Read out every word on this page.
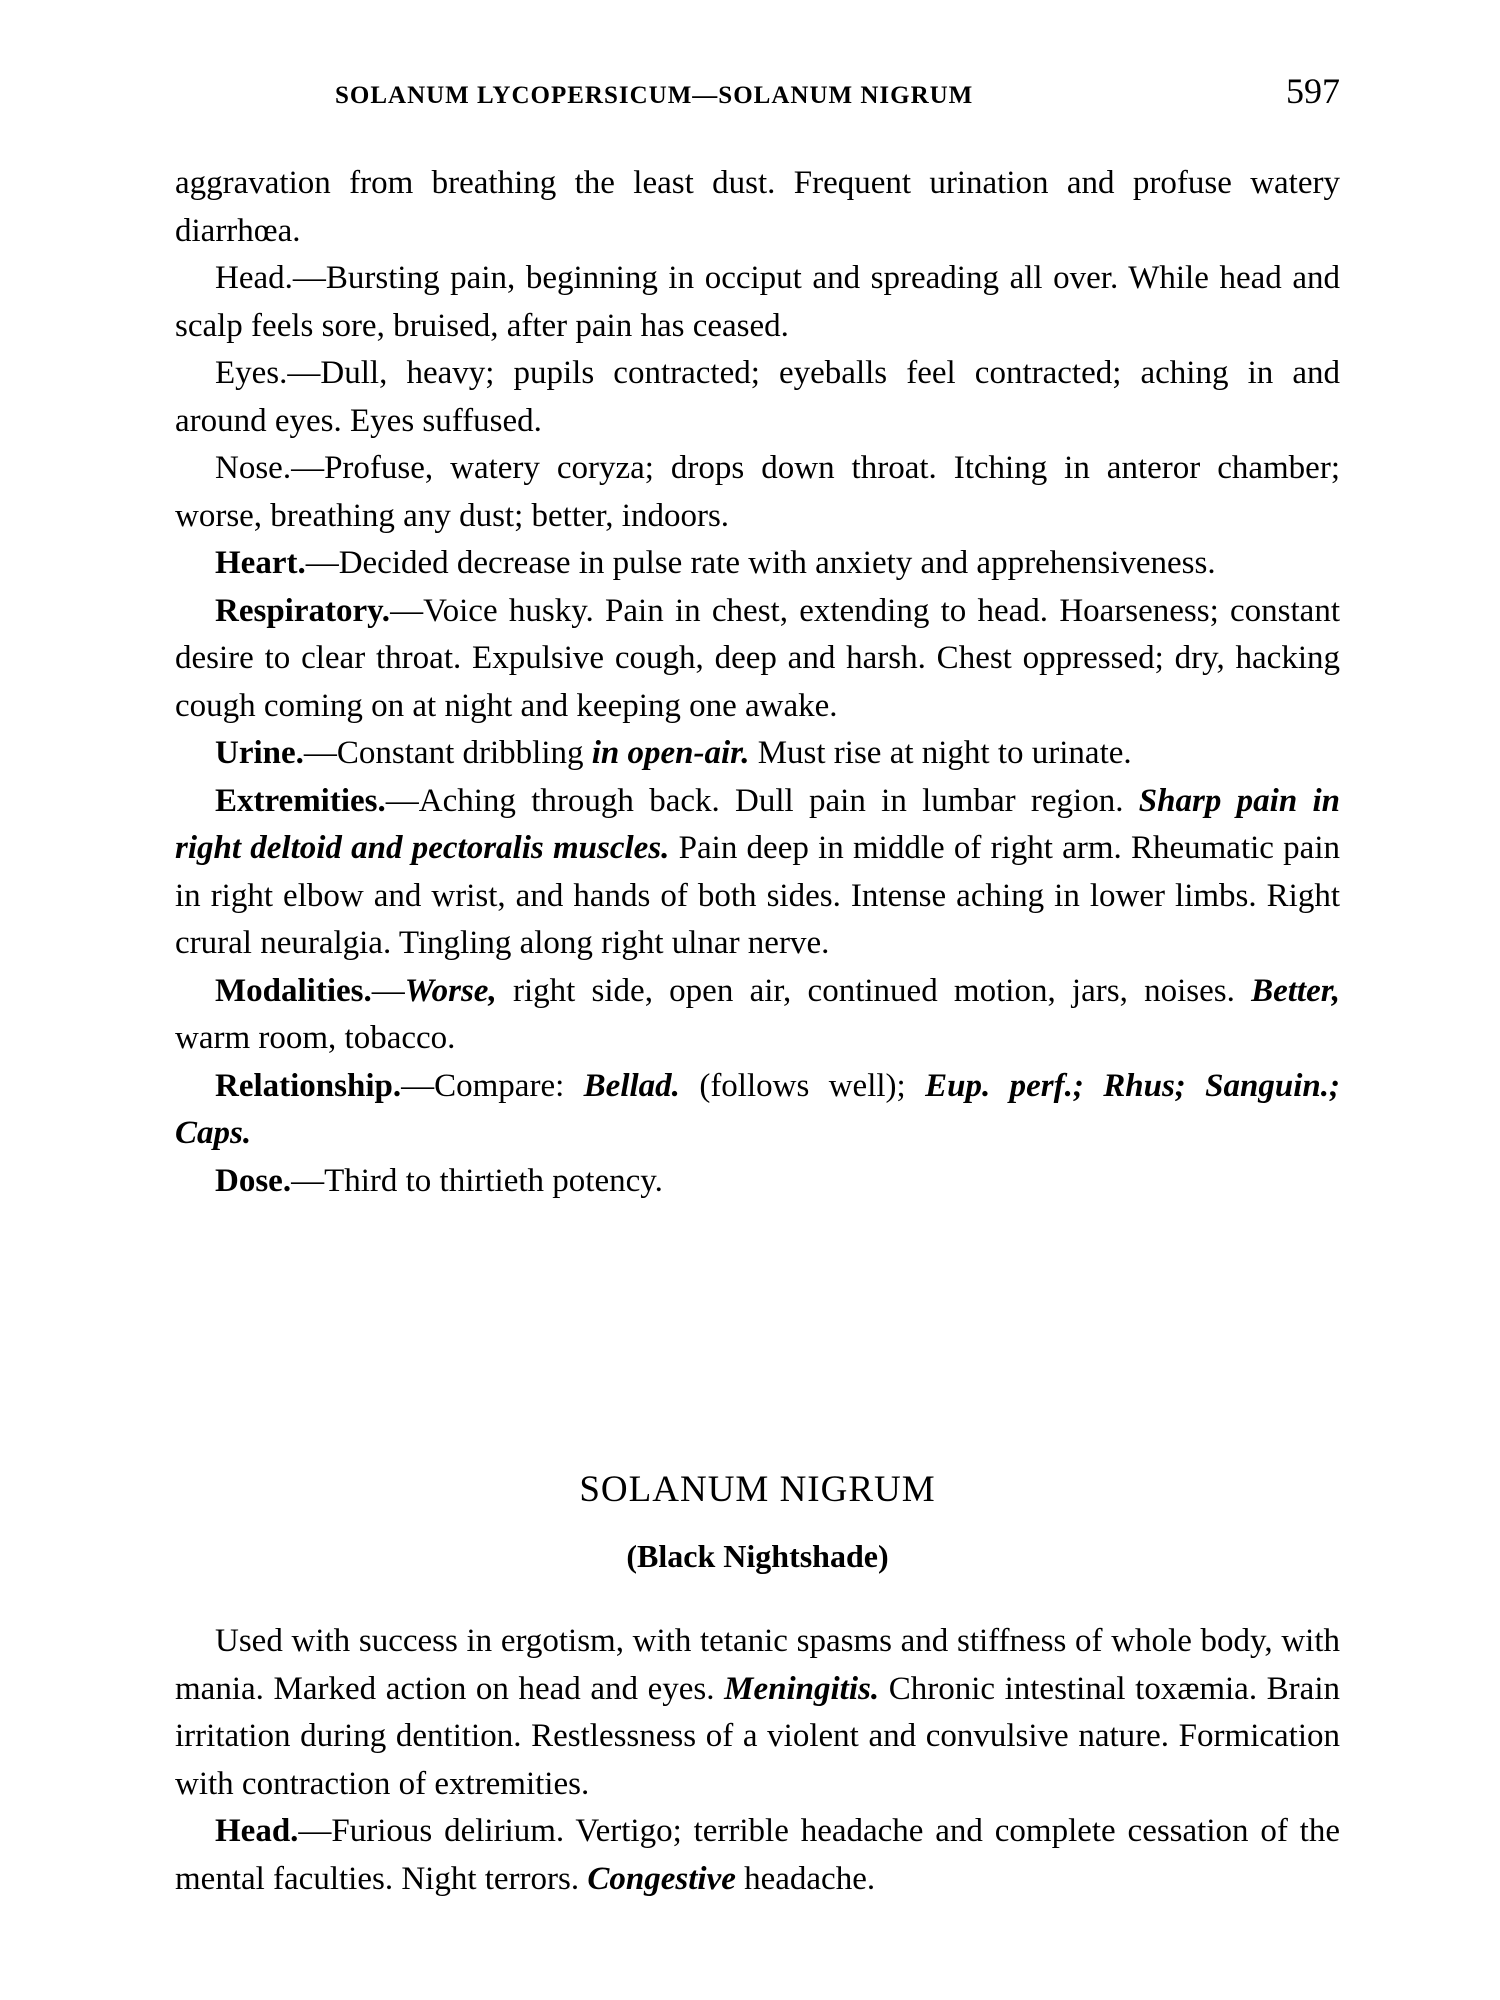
SOLANUM LYCOPERSICUM—SOLANUM NIGRUM	597

aggravation from breathing the least dust. Frequent urination and profuse watery diarrhœa.

Head.—Bursting pain, beginning in occiput and spreading all over. While head and scalp feels sore, bruised, after pain has ceased.

Eyes.—Dull, heavy; pupils contracted; eyeballs feel contracted; aching in and around eyes. Eyes suffused.

Nose.—Profuse, watery coryza; drops down throat. Itching in anteror chamber; worse, breathing any dust; better, indoors.

Heart.—Decided decrease in pulse rate with anxiety and apprehensiveness.

Respiratory.—Voice husky. Pain in chest, extending to head. Hoarseness; constant desire to clear throat. Expulsive cough, deep and harsh. Chest oppressed; dry, hacking cough coming on at night and keeping one awake.

Urine.—Constant dribbling in open-air. Must rise at night to urinate.

Extremities.—Aching through back. Dull pain in lumbar region. Sharp pain in right deltoid and pectoralis muscles. Pain deep in middle of right arm. Rheumatic pain in right elbow and wrist, and hands of both sides. Intense aching in lower limbs. Right crural neuralgia. Tingling along right ulnar nerve.

Modalities.—Worse, right side, open air, continued motion, jars, noises. Better, warm room, tobacco.

Relationship.—Compare: Bellad. (follows well); Eup. perf.; Rhus; Sanguin.; Caps.

Dose.—Third to thirtieth potency.

SOLANUM NIGRUM
(Black Nightshade)

Used with success in ergotism, with tetanic spasms and stiffness of whole body, with mania. Marked action on head and eyes. Meningitis. Chronic intestinal toxæmia. Brain irritation during dentition. Restlessness of a violent and convulsive nature. Formication with contraction of extremities.

Head.—Furious delirium. Vertigo; terrible headache and complete cessation of the mental faculties. Night terrors. Congestive headache.
